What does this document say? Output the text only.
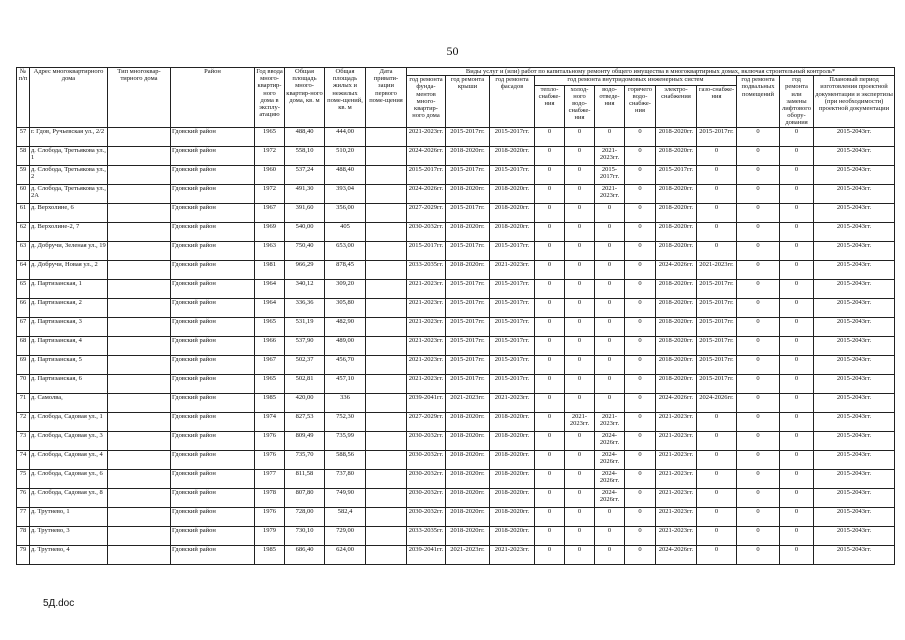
50
№ п/п	Адрес многоквартирного дома	Тип многоквар-тирного дома	Район	Год ввода много-квартир-ного дома в эксплу-атацию	Общая площадь много-квартир-ного дома, кв. м	Общая площадь жилых и нежилых поме-щений, кв. м	Дата привати-зации первого поме-щения	Виды услуг и (или) работ по капитальному ремонту общего имущества в многоквартирных домах, включая строительный контроль*											
								год ремонта фунда-ментов много-квартир-ного дома	год ремонта крыши	год ремонта фасадов	год ремонта внутридомовых инженерных систем						год ремонта подвальных помещений	год ремонта или замены лифтового обору-дования	Плановый период изготовления проектной документации и экспертизы (при необходимости) проектной документации
											тепло-снабже-ния	холод-ного водо-снабже-ния	водо-отведе-ния	горячего водо-снабже-ния	электро-снабжения	газо-снабже-ния			
57	г. Гдов, Ручьевская ул., 2/2		Гдовский район	1965	488,40	444,00		2021-2023гг.	2015-2017гг.	2015-2017гг.	0	0	0	0	2018-2020гг.	2015-2017гг.	0	0	2015-2043гг.
58	д. Слобода, Третьякова ул., 1		Гдовский район	1972	558,10	510,20		2024-2026гг.	2018-2020гг.	2018-2020гг.	0	0	2021-2023гг.	0	2018-2020гг.	0	0	0	2015-2043гг.
59	д. Слобода, Третьякова ул., 2		Гдовский район	1960	537,24	488,40		2015-2017гг.	2015-2017гг.	2015-2017гг.	0	0	2015-2017гг.	0	2015-2017гг.	0	0	0	2015-2043гг.
60	д. Слобода, Третьякова ул., 2А		Гдовский район	1972	491,30	393,04		2024-2026гг.	2018-2020гг.	2018-2020гг.	0	0	2021-2023гг.	0	2018-2020гг.	0	0	0	2015-2043гг.
61	д. Верхолине, 6		Гдовский район	1967	391,60	356,00		2027-2029гг.	2015-2017гг.	2018-2020гг.	0	0	0	0	2018-2020гг.	0	0	0	2015-2043гг.
62	д. Верхолине-2, 7		Гдовский район	1969	540,00	405		2030-2032гг.	2018-2020гг.	2018-2020гг.	0	0	0	0	2018-2020гг.	0	0	0	2015-2043гг.
63	д. Добручи, Зеленая ул., 19		Гдовский район	1963	750,40	653,00		2015-2017гг.	2015-2017гг.	2015-2017гг.	0	0	0	0	2018-2020гг.	0	0	0	2015-2043гг.
64	д. Добручи, Новая ул., 2		Гдовский район	1981	966,29	878,45		2033-2035гг.	2018-2020гг.	2021-2023гг.	0	0	0	0	2024-2026гг.	2021-2023гг.	0	0	2015-2043гг.
65	д. Партизанская, 1		Гдовский район	1964	340,12	309,20		2021-2023гг.	2015-2017гг.	2015-2017гг.	0	0	0	0	2018-2020гг.	2015-2017гг.	0	0	2015-2043гг.
66	д. Партизанская, 2		Гдовский район	1964	336,36	305,80		2021-2023гг.	2015-2017гг.	2015-2017гг.	0	0	0	0	2018-2020гг.	2015-2017гг.	0	0	2015-2043гг.
67	д. Партизанская, 3		Гдовский район	1965	531,19	482,90		2021-2023гг.	2015-2017гг.	2015-2017гг.	0	0	0	0	2018-2020гг.	2015-2017гг.	0	0	2015-2043гг.
68	д. Партизанская, 4		Гдовский район	1966	537,90	489,00		2021-2023гг.	2015-2017гг.	2015-2017гг.	0	0	0	0	2018-2020гг.	2015-2017гг.	0	0	2015-2043гг.
69	д. Партизанская, 5		Гдовский район	1967	502,37	456,70		2021-2023гг.	2015-2017гг.	2015-2017гг.	0	0	0	0	2018-2020гг.	2015-2017гг.	0	0	2015-2043гг.
70	д. Партизанская, 6		Гдовский район	1965	502,81	457,10		2021-2023гг.	2015-2017гг.	2015-2017гг.	0	0	0	0	2018-2020гг.	2015-2017гг.	0	0	2015-2043гг.
71	д. Самолва,		Гдовский район	1985	420,00	336		2039-2041гг.	2021-2023гг.	2021-2023гг.	0	0	0	0	2024-2026гг.	2024-2026гг.	0	0	2015-2043гг.
72	д. Слобода, Садовая ул., 1		Гдовский район	1974	827,53	752,30		2027-2029гг.	2018-2020гг.	2018-2020гг.	0	2021-2023гг.	2021-2023гг.	0	2021-2023гг.	0	0	0	2015-2043гг.
73	д. Слобода, Садовая ул., 3		Гдовский район	1976	809,49	735,99		2030-2032гг.	2018-2020гг.	2018-2020гг.	0	0	2024-2026гг.	0	2021-2023гг.	0	0	0	2015-2043гг.
74	д. Слобода, Садовая ул., 4		Гдовский район	1976	735,70	588,56		2030-2032гг.	2018-2020гг.	2018-2020гг.	0	0	2024-2026гг.	0	2021-2023гг.	0	0	0	2015-2043гг.
75	д. Слобода, Садовая ул., 6		Гдовский район	1977	811,58	737,80		2030-2032гг.	2018-2020гг.	2018-2020гг.	0	0	2024-2026гг.	0	2021-2023гг.	0	0	0	2015-2043гг.
76	д. Слобода, Садовая ул., 8		Гдовский район	1978	807,80	749,90		2030-2032гг.	2018-2020гг.	2018-2020гг.	0	0	2024-2026гг.	0	2021-2023гг.	0	0	0	2015-2043гг.
77	д. Трутнево, 1		Гдовский район	1976	728,00	582,4		2030-2032гг.	2018-2020гг.	2018-2020гг.	0	0	0	0	2021-2023гг.	0	0	0	2015-2043гг.
78	д. Трутнево, 3		Гдовский район	1979	730,10	729,00		2033-2035гг.	2018-2020гг.	2018-2020гг.	0	0	0	0	2021-2023гг.	0	0	0	2015-2043гг.
79	д. Трутнево, 4		Гдовский район	1985	686,40	624,00		2039-2041гг.	2021-2023гг.	2021-2023гг.	0	0	0	0	2024-2026гг.	0	0	0	2015-2043гг.
5Д.doc
